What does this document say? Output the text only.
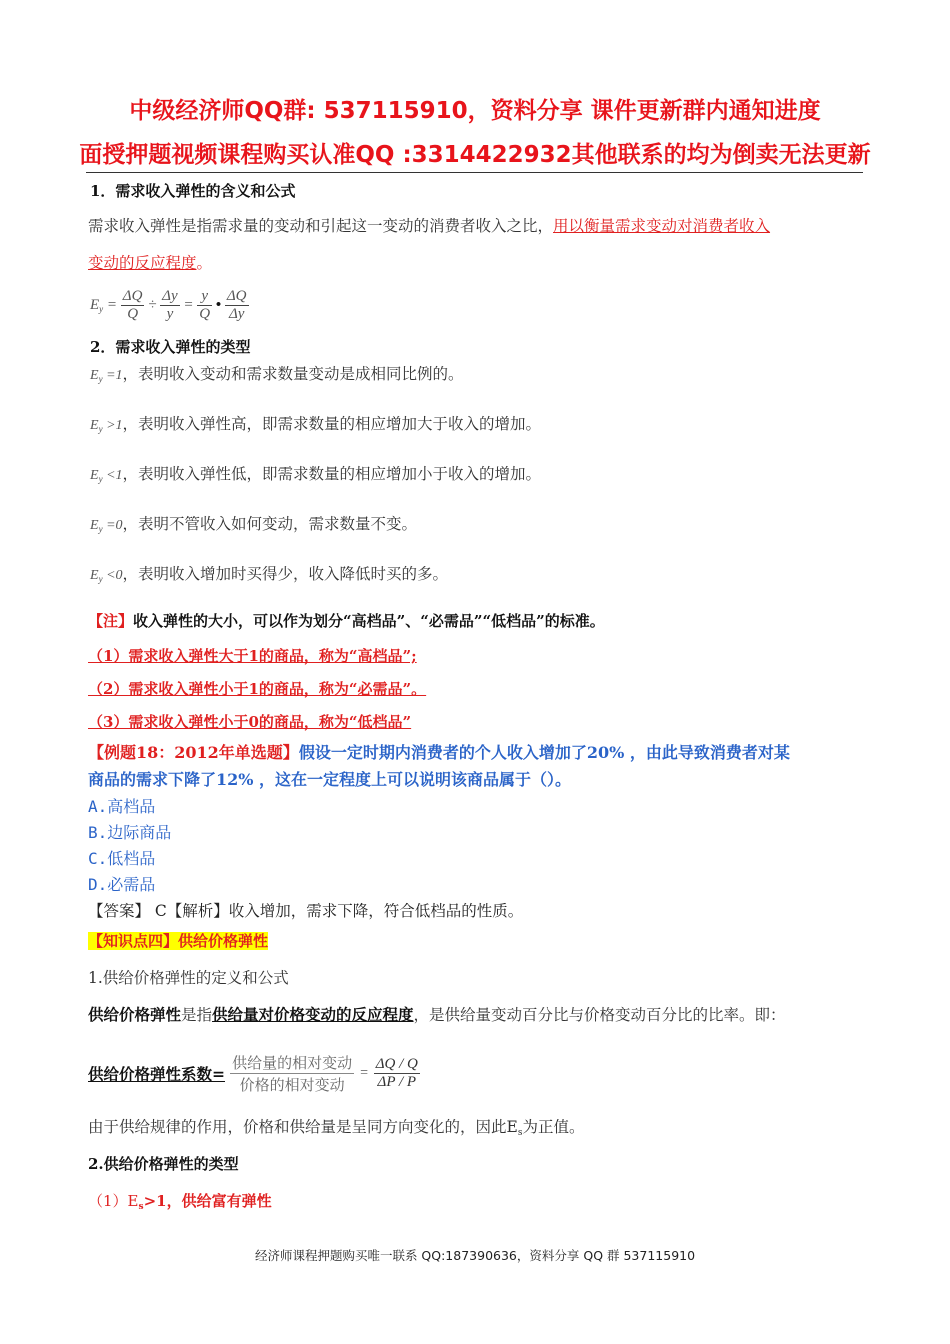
中级经济师QQ群: 537115910，资料分享 课件更新群内通知进度
面授押题视频课程购买认准QQ :3314422932其他联系的均为倒卖无法更新
1．需求收入弹性的含义和公式
需求收入弹性是指需求量的变动和引起这一变动的消费者收入之比，用以衡量需求变动对消费者收入
变动的反应程度。
$E_y = \frac{\Delta Q}{Q} \div \frac{\Delta y}{y} = \frac{y}{Q}$ • $\frac{\Delta Q}{\Delta y}$
2．需求收入弹性的类型
$E_y =1$，表明收入变动和需求数量变动是成相同比例的。
$E_y >1$，表明收入弹性高，即需求数量的相应增加大于收入的增加。
$E_y <1$，表明收入弹性低，即需求数量的相应增加小于收入的增加。
$E_y =0$，表明不管收入如何变动，需求数量不变。
$E_y <0$，表明收入增加时买得少，收入降低时买的多。
【注】收入弹性的大小，可以作为划分“高档品”、“必需品”“低档品”的标准。
（1）需求收入弹性大于1的商品，称为“高档品”;
（2）需求收入弹性小于1的商品，称为“必需品”。
（3）需求收入弹性小于0的商品，称为“低档品”
【例题18：2012年单选题】假设一定时期内消费者的个人收入增加了20% ，由此导致消费者对某
商品的需求下降了12% ，这在一定程度上可以说明该商品属于（）。
A.高档品
B.边际商品
C.低档品
D.必需品
【答案】 C【解析】收入增加，需求下降，符合低档品的性质。
【知识点四】供给价格弹性
1.供给价格弹性的定义和公式
供给价格弹性是指供给量对价格变动的反应程度，是供给量变动百分比与价格变动百分比的比率。即：
供给价格弹性系数= $\frac{\text{供给量的相对变动}}{\text{价格的相对变动}} = \frac{\Delta Q / Q}{\Delta P / P}$
由于供给规律的作用，价格和供给量是呈同方向变化的，因此$E_s$为正值。
2.供给价格弹性的类型
$(1)E_s>1$，供给富有弹性
经济师课程押题购买唯一联系 QQ:187390636，资料分享 QQ 群 537115910
